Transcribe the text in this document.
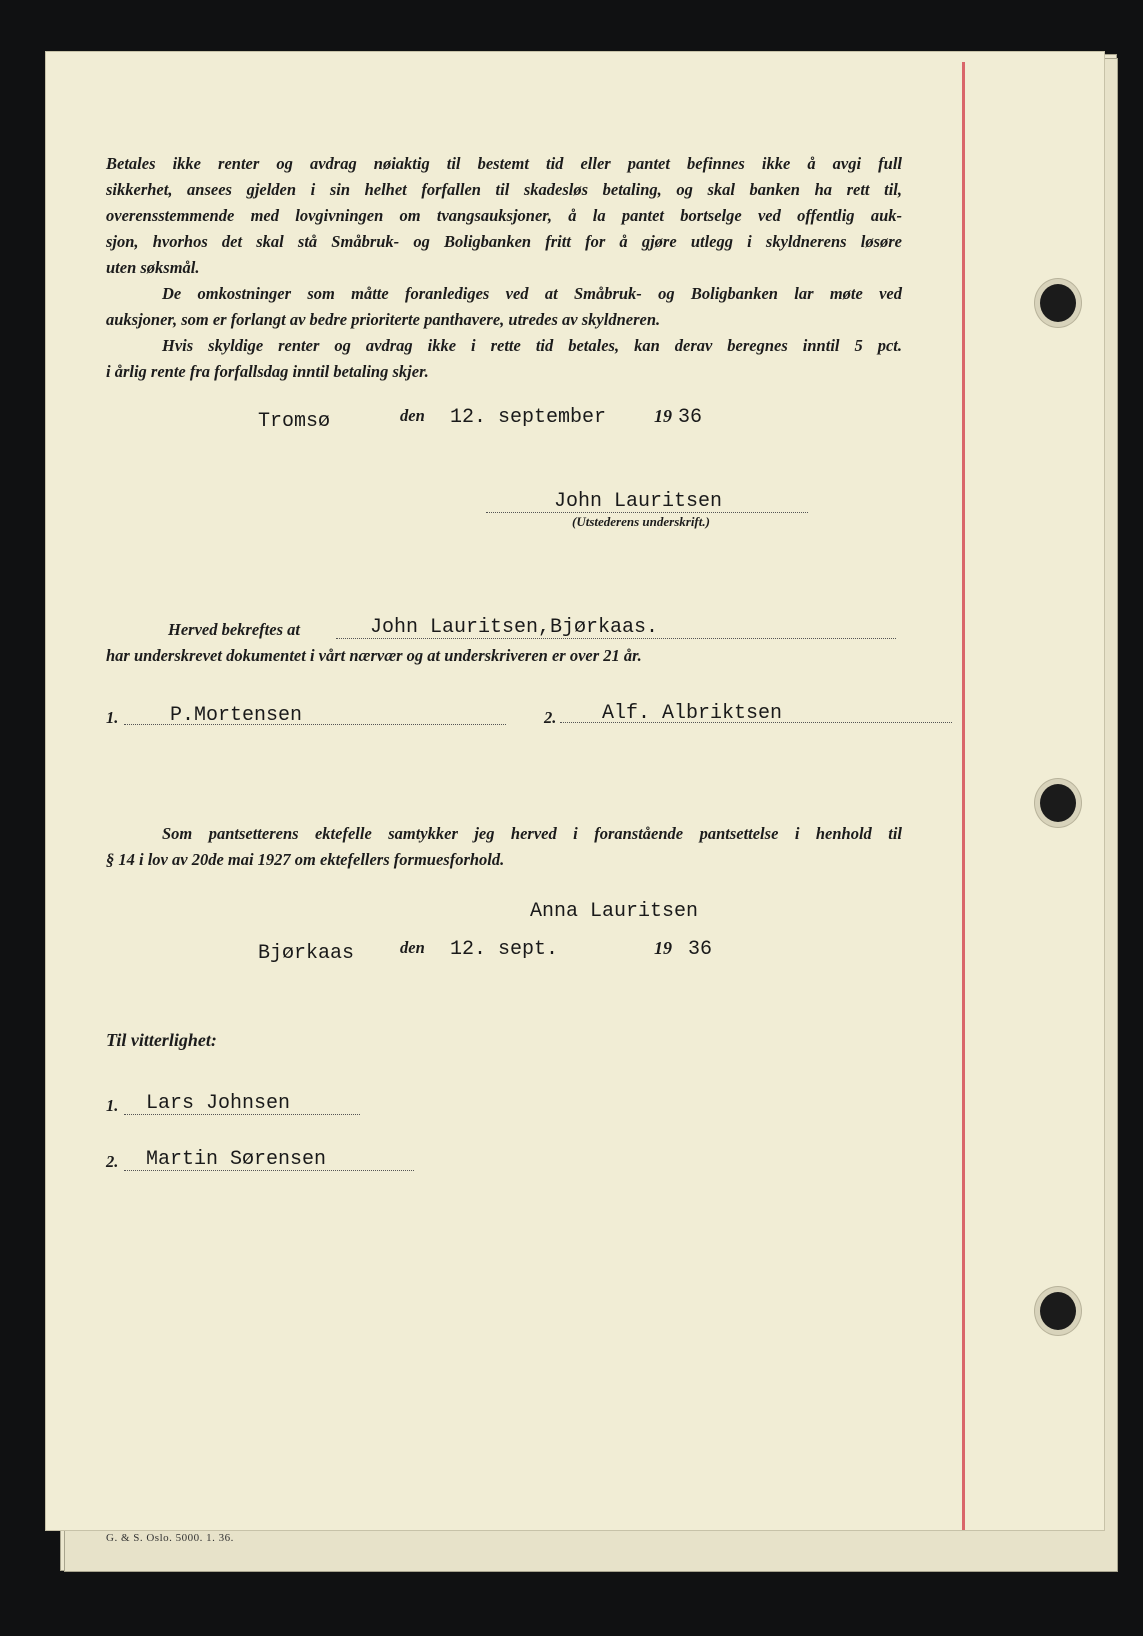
Betales ikke renter og avdrag nøiaktig til bestemt tid eller pantet befinnes ikke å avgi full
sikkerhet, ansees gjelden i sin helhet forfallen til skadesløs betaling, og skal banken ha rett til,
overensstemmende med lovgivningen om tvangsauksjoner, å la pantet bortselge ved offentlig auk-
sjon, hvorhos det skal stå Småbruk- og Boligbanken fritt for å gjøre utlegg i skyldnerens løsøre
uten søksmål.
De omkostninger som måtte foranlediges ved at Småbruk- og Boligbanken lar møte ved
auksjoner, som er forlangt av bedre prioriterte panthavere, utredes av skyldneren.
Hvis skyldige renter og avdrag ikke i rette tid betales, kan derav beregnes inntil 5 pct.
i årlig rente fra forfallsdag inntil betaling skjer.
Tromsø	den 12. september	19 36
John Lauritsen
(Utstederens underskrift.)
Herved bekreftes at	John Lauritsen,Bjørkaas.
har underskrevet dokumentet i vårt nærvær og at underskriveren er over 21 år.
1.	P.Mortensen	2. Alf. Albriktsen
Som pantsetterens ektefelle samtykker jeg herved i foranstående pantsettelse i henhold til
§ 14 i lov av 20de mai 1927 om ektefellers formuesforhold.
Anna Lauritsen
Bjørkaas	den 12. sept.	19 36
Til vitterlighet:
1. Lars Johnsen
2. Martin Sørensen
G. & S. Oslo. 5000. 1. 36.
